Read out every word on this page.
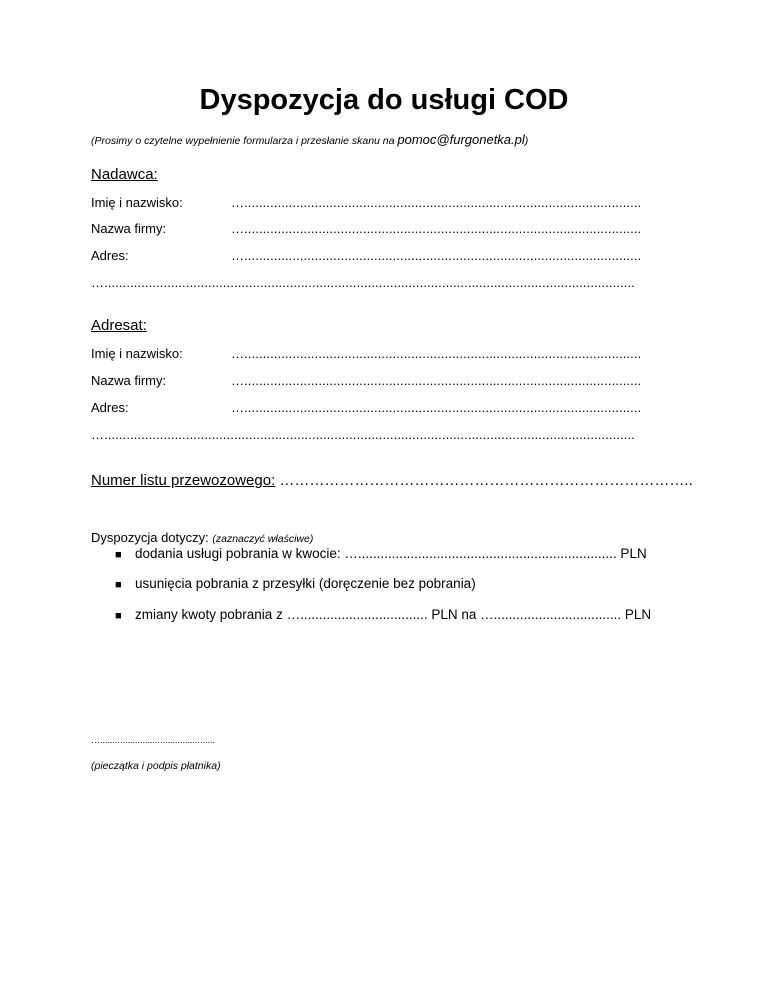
Dyspozycja do usługi COD
(Prosimy o czytelne wypełnienie formularza i przesłanie skanu na pomoc@furgonetka.pl)
Nadawca:
Imię i nazwisko:	…...........................................................................................................
Nazwa firmy:	…...........................................................................................................
Adres:	…...........................................................................................................
…...............................................................................................................................................
Adresat:
Imię i nazwisko:	…...........................................................................................................
Nazwa firmy:	…...........................................................................................................
Adres:	…...........................................................................................................
…...............................................................................................................................................
Numer listu przewozowego: ………………………………………………………………………..
Dyspozycja dotyczy: (zaznaczyć właściwe)
■ dodania usługi pobrania w kwocie: …..................................................................... PLN
■ usunięcia pobrania z przesyłki (doręczenie bez pobrania)
■ zmiany kwoty pobrania z ….................................. PLN na ….................................. PLN
…..............................................
(pieczątka i podpis płatnika)
